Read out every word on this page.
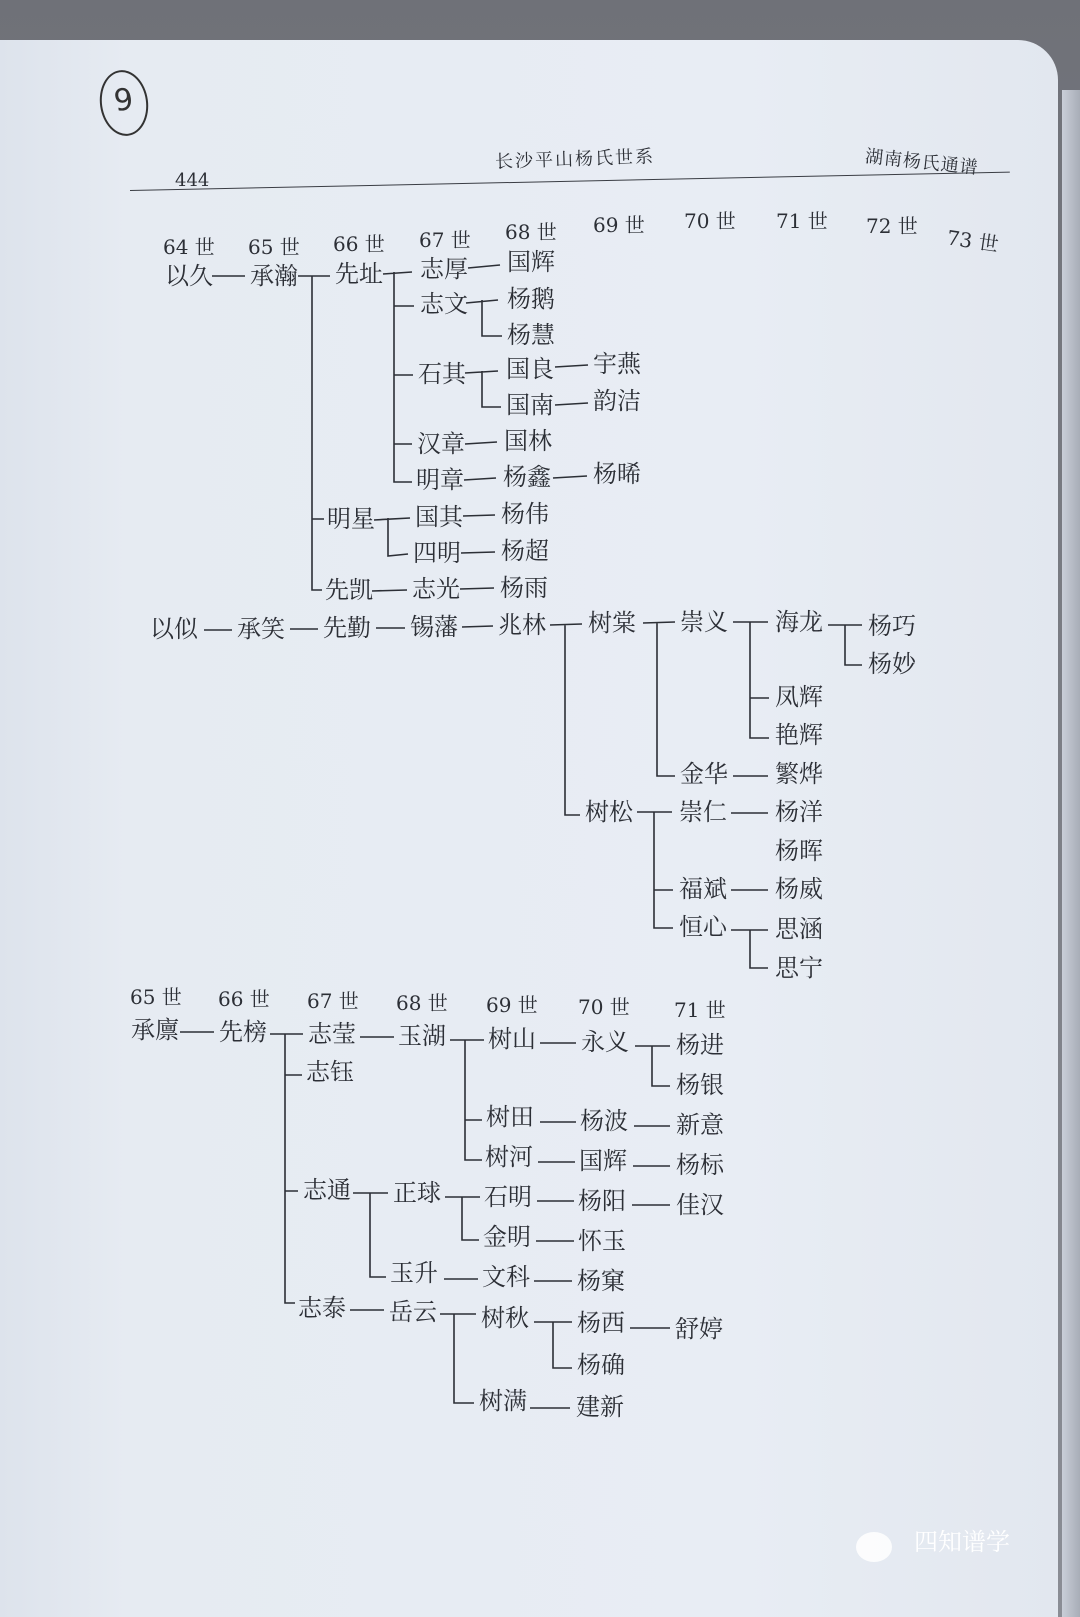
9
444
长沙平山杨氏世系	湖南杨氏通谱
64 世 65 世 66 世 67 世 68 世 69 世 70 世 71 世 72 世 73 世
以久 承瀚 先址 志厚 国辉
志文 杨鹅
杨慧
石其 国良 宇燕
国南 韵洁
汉章 国林
明章 杨鑫 杨晞
明星 国其 杨伟
四明 杨超
先凯 志光 杨雨
以似 承笑 先勤 锡藩 兆林 树棠 崇义 海龙 杨巧
杨妙
凤辉
艳辉
金华 繁烨
树松 崇仁 杨洋
杨晖
福斌 杨威
恒心 思涵
思宁
65 世 66 世 67 世 68 世 69 世 70 世 71 世
承廪 先榜 志莹 玉湖 树山 永义 杨进
杨银
志钰
树田 杨波 新意
树河 国辉 杨标
志通 正球 石明 杨阳 佳汉
金明 怀玉
玉升 文科 杨窠
志泰 岳云 树秋 杨西 舒婷
杨确
树满 建新
四知谱学
